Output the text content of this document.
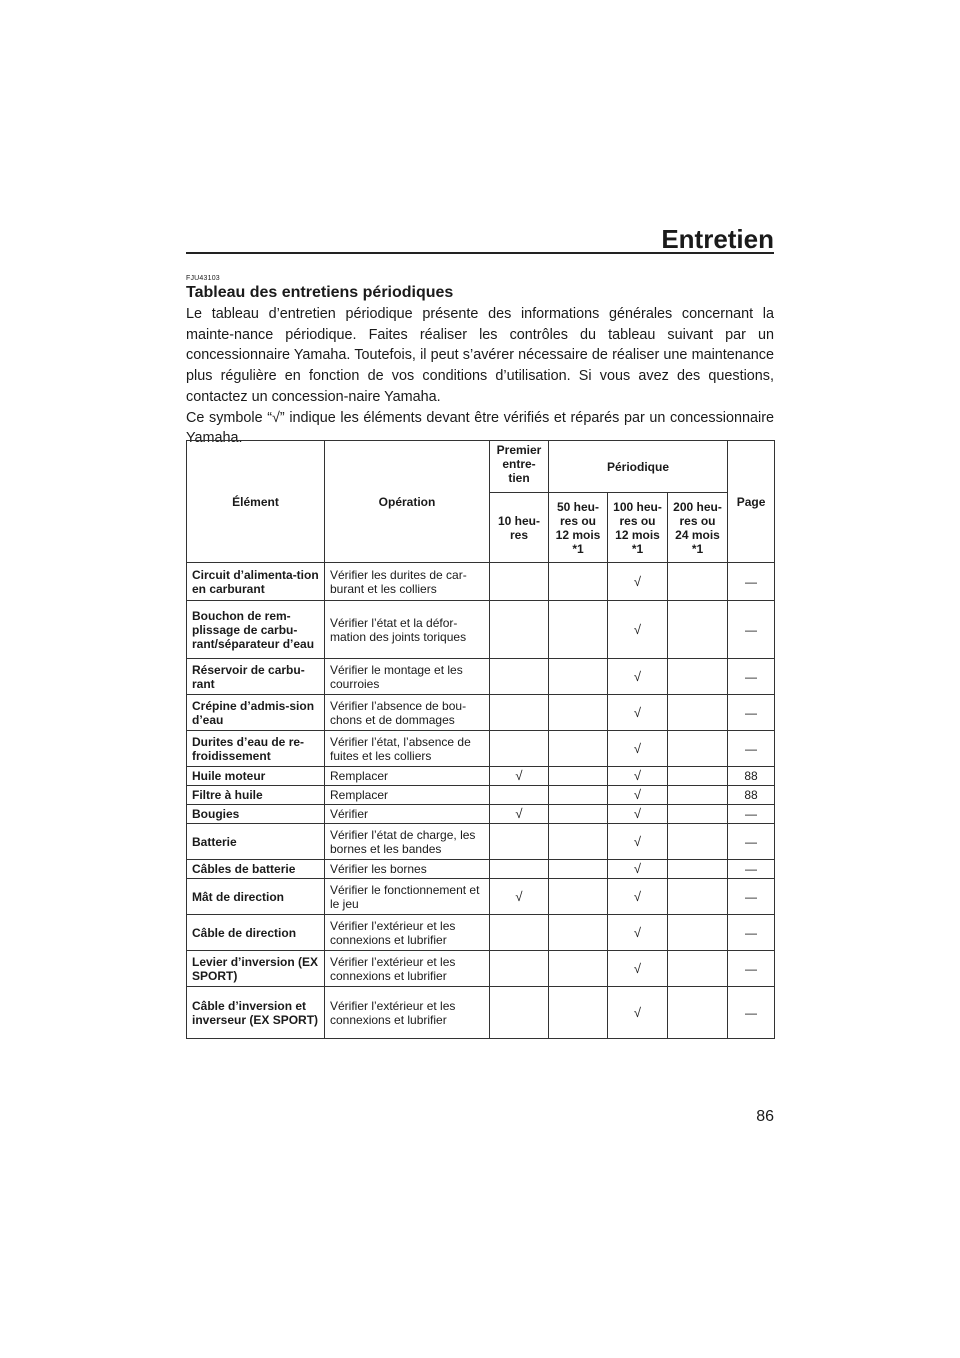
Entretien
FJU43103
Tableau des entretiens périodiques

Le tableau d’entretien périodique présente des informations générales concernant la mainte-nance périodique. Faites réaliser les contrôles du tableau suivant par un concessionnaire Yamaha. Toutefois, il peut s’avérer nécessaire de réaliser une maintenance plus régulière en fonction de vos conditions d’utilisation. Si vous avez des questions, contactez un concession-naire Yamaha.

Ce symbole “√” indique les éléments devant être vérifiés et réparés par un concessionnaire Yamaha.

Élément	Opération	Premier entre-tien	Périodique			Page
		10 heu-res	50 heu-res ou 12 mois *1	100 heu-res ou 12 mois *1	200 heu-res ou 24 mois *1	
Circuit d’alimenta-tion en carburant	Vérifier les durites de car-burant et les colliers			√		—
Bouchon de rem-plissage de carbu-rant/séparateur d’eau	Vérifier l’état et la défor-mation des joints toriques			√		—
Réservoir de carbu-rant	Vérifier le montage et les courroies			√		—
Crépine d’admis-sion d’eau	Vérifier l’absence de bou-chons et de dommages			√		—
Durites d’eau de re-froidissement	Vérifier l’état, l’absence de fuites et les colliers			√		—
Huile moteur	Remplacer	√		√		88
Filtre à huile	Remplacer			√		88
Bougies	Vérifier	√		√		—
Batterie	Vérifier l’état de charge, les bornes et les bandes			√		—
Câbles de batterie	Vérifier les bornes			√		—
Mât de direction	Vérifier le fonctionnement et le jeu	√		√		—
Câble de direction	Vérifier l’extérieur et les connexions et lubrifier			√		—
Levier d’inversion (EX SPORT)	Vérifier l’extérieur et les connexions et lubrifier			√		—
Câble d’inversion et inverseur (EX SPORT)	Vérifier l’extérieur et les connexions et lubrifier			√		—
86
